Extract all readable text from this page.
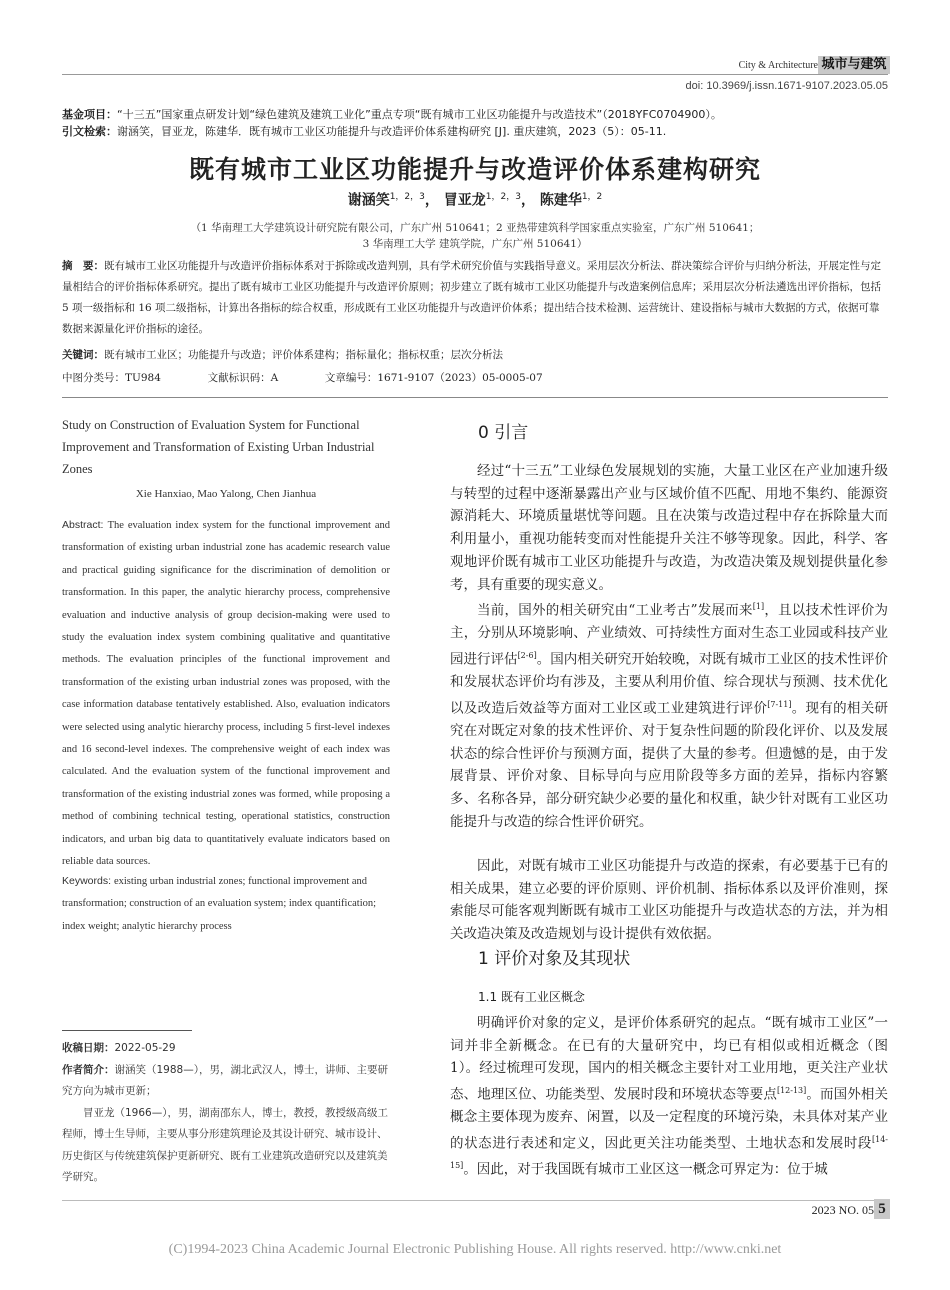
City & Architecture 城市与建筑
doi: 10.3969/j.issn.1671-9107.2023.05.05
基金项目：“十三五”国家重点研发计划“绿色建筑及建筑工业化”重点专项“既有城市工业区功能提升与改造技术”（2018YFC0704900）。
引文检索：谢涵笑，冒亚龙，陈建华．既有城市工业区功能提升与改造评价体系建构研究 [J]. 重庆建筑，2023（5）：05-11.
既有城市工业区功能提升与改造评价体系建构研究
谢涵笑$^{1,2,3}$， 冒亚龙$^{1,2,3}$， 陈建华$^{1,2}$
（1 华南理工大学建筑设计研究院有限公司，广东广州 510641；2 亚热带建筑科学国家重点实验室，广东广州 510641；
3 华南理工大学 建筑学院，广东广州 510641）
摘　要：既有城市工业区功能提升与改造评价指标体系对于拆除或改造判别，具有学术研究价值与实践指导意义。采用层次分析法、群决策综合评价与归纳分析法，开展定性与定量相结合的评价指标体系研究。提出了既有城市工业区功能提升与改造评价原则；初步建立了既有城市工业区功能提升与改造案例信息库；采用层次分析法遴选出评价指标，包括 5 项一级指标和 16 项二级指标，计算出各指标的综合权重，形成既有工业区功能提升与改造评价体系；提出结合技术检测、运营统计、建设指标与城市大数据的方式，依据可靠数据来源量化评价指标的途径。
关键词：既有城市工业区；功能提升与改造；评价体系建构；指标量化；指标权重；层次分析法
中图分类号：TU984	文献标识码：A	文章编号：1671-9107（2023）05-0005-07
Study on Construction of Evaluation System for Functional Improvement and Transformation of Existing Urban Industrial Zones
Xie Hanxiao, Mao Yalong, Chen Jianhua
Abstract: The evaluation index system for the functional improvement and transformation of existing urban industrial zone has academic research value and practical guiding significance for the discrimination of demolition or transformation. In this paper, the analytic hierarchy process, comprehensive evaluation and inductive analysis of group decision-making were used to study the evaluation index system combining qualitative and quantitative methods. The evaluation principles of the functional improvement and transformation of the existing urban industrial zones was proposed, with the case information database tentatively established. Also, evaluation indicators were selected using analytic hierarchy process, including 5 first-level indexes and 16 second-level indexes. The comprehensive weight of each index was calculated. And the evaluation system of the functional improvement and transformation of the existing industrial zones was formed, while proposing a method of combining technical testing, operational statistics, construction indicators, and urban big data to quantitatively evaluate indicators based on reliable data sources.
Keywords: existing urban industrial zones; functional improvement and transformation; construction of an evaluation system; index quantification; index weight; analytic hierarchy process
收稿日期：2022-05-29
作者简介：谢涵笑（1988—），男，湖北武汉人，博士，讲师、主要研究方向为城市更新；
冒亚龙（1966—），男，湖南邵东人，博士，教授，教授级高级工程师，博士生导师，主要从事分形建筑理论及其设计研究、城市设计、历史街区与传统建筑保护更新研究、既有工业建筑改造研究以及建筑美学研究。
0 引言
经过“十三五”工业绿色发展规划的实施，大量工业区在产业加速升级与转型的过程中逐渐暴露出产业与区域价值不匹配、用地不集约、能源资源消耗大、环境质量堪忧等问题。且在决策与改造过程中存在拆除量大而利用量小，重视功能转变而对性能提升关注不够等现象。因此，科学、客观地评价既有城市工业区功能提升与改造，为改造决策及规划提供量化参考，具有重要的现实意义。
当前，国外的相关研究由“工业考古”发展而来[1]，且以技术性评价为主，分别从环境影响、产业绩效、可持续性方面对生态工业园或科技产业园进行评估[2-6]。国内相关研究开始较晚，对既有城市工业区的技术性评价和发展状态评价均有涉及，主要从利用价值、综合现状与预测、技术优化以及改造后效益等方面对工业区或工业建筑进行评价[7-11]。现有的相关研究在对既定对象的技术性评价、对于复杂性问题的阶段化评价、以及发展状态的综合性评价与预测方面，提供了大量的参考。但遗憾的是，由于发展背景、评价对象、目标导向与应用阶段等多方面的差异，指标内容繁多、名称各异，部分研究缺少必要的量化和权重，缺少针对既有工业区功能提升与改造的综合性评价研究。
因此，对既有城市工业区功能提升与改造的探索，有必要基于已有的相关成果，建立必要的评价原则、评价机制、指标体系以及评价准则，探索能尽可能客观判断既有城市工业区功能提升与改造状态的方法，并为相关改造决策及改造规划与设计提供有效依据。
1 评价对象及其现状
1.1 既有工业区概念
明确评价对象的定义，是评价体系研究的起点。“既有城市工业区”一词并非全新概念。在已有的大量研究中，均已有相似或相近概念（图 1）。经过梳理可发现，国内的相关概念主要针对工业用地，更关注产业状态、地理区位、功能类型、发展时段和环境状态等要点[12-13]。而国外相关概念主要体现为废弃、闲置，以及一定程度的环境污染，未具体对某产业的状态进行表述和定义，因此更关注功能类型、土地状态和发展时段[14-15]。因此，对于我国既有城市工业区这一概念可界定为：位于城
2023 NO. 05 5
(C)1994-2023 China Academic Journal Electronic Publishing House. All rights reserved. http://www.cnki.net
